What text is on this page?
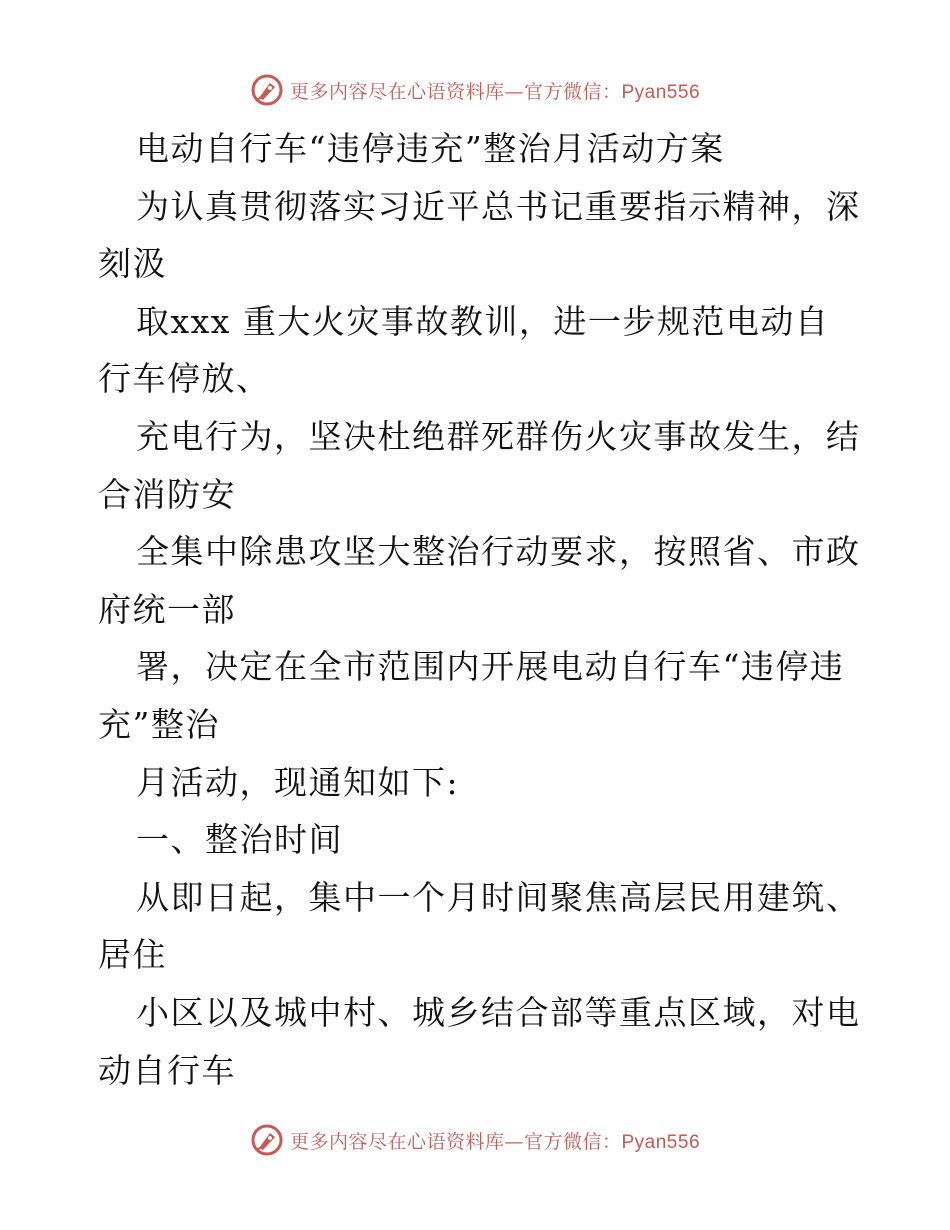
更多内容尽在心语资料库—官方微信：Pyan556
电动自行车“违停违充”整治月活动方案
为认真贯彻落实习近平总书记重要指示精神，深
刻汲
取xxx 重大火灾事故教训，进一步规范电动自
行车停放、
充电行为，坚决杜绝群死群伤火灾事故发生，结
合消防安
全集中除患攻坚大整治行动要求，按照省、市政
府统一部
署，决定在全市范围内开展电动自行车“违停违
充”整治
月活动，现通知如下:
一、整治时间
从即日起，集中一个月时间聚焦高层民用建筑、
居住
小区以及城中村、城乡结合部等重点区域，对电
动自行车
更多内容尽在心语资料库—官方微信：Pyan556
